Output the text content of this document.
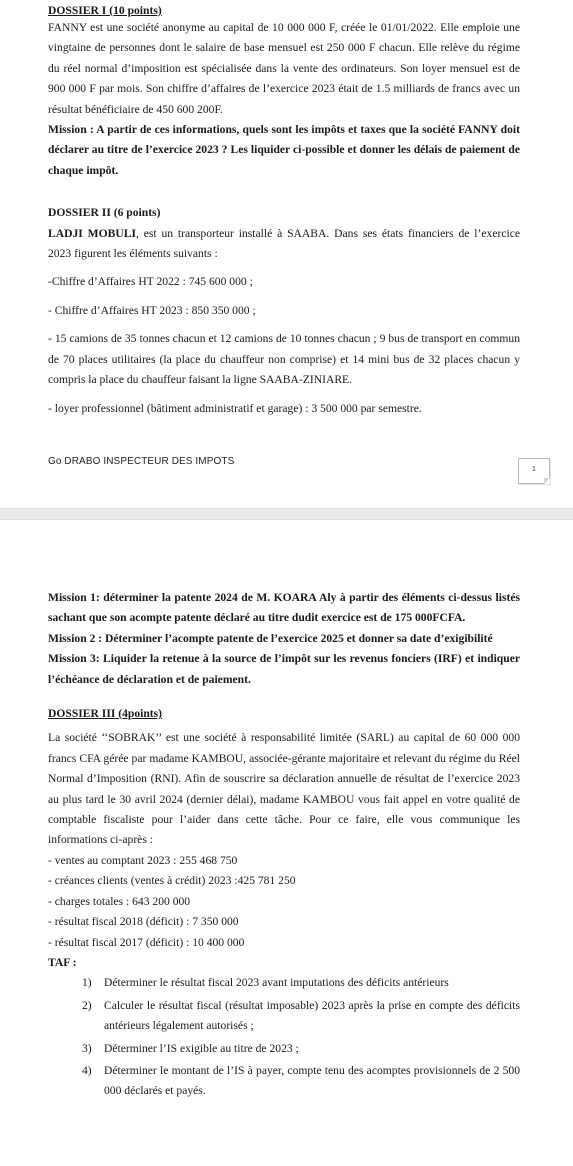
DOSSIER I (10 points)

FANNY est une société anonyme au capital de 10 000 000 F, créée le 01/01/2022. Elle emploie une vingtaine de personnes dont le salaire de base mensuel est 250 000 F chacun. Elle relève du régime du réel normal d’imposition est spécialisée dans la vente des ordinateurs. Son loyer mensuel est de 900 000 F par mois. Son chiffre d’affaires de l’exercice 2023 était de 1.5 milliards de francs avec un résultat bénéficiaire de 450 600 200F.

Mission : A partir de ces informations, quels sont les impôts et taxes que la société FANNY doit déclarer au titre de l’exercice 2023 ? Les liquider ci-possible et donner les délais de paiement de chaque impôt.

DOSSIER II (6 points)

LADJI MOBULI, est un transporteur installé à SAABA. Dans ses états financiers de l’exercice 2023 figurent les éléments suivants :

-Chiffre d’Affaires HT 2022 : 745 600 000 ;

- Chiffre d’Affaires HT 2023 : 850 350 000 ;

- 15 camions de 35 tonnes chacun et 12 camions de 10 tonnes chacun ; 9 bus de transport en commun de 70 places utilitaires (la place du chauffeur non comprise) et 14 mini bus de 32 places chacun y compris la place du chauffeur faisant la ligne SAABA-ZINIARE.

- loyer professionnel (bâtiment administratif et garage) : 3 500 000 par semestre.

Go DRABO INSPECTEUR DES IMPOTS
1

Mission 1: déterminer la patente 2024 de M. KOARA Aly à partir des éléments ci-dessus listés sachant que son acompte patente déclaré au titre dudit exercice est de 175 000FCFA.

Mission 2 : Déterminer l’acompte patente de l’exercice 2025 et donner sa date d’exigibilité

Mission 3: Liquider la retenue à la source de l’impôt sur les revenus fonciers (IRF) et indiquer l’échéance de déclaration et de paiement.

DOSSIER III (4points)

La société ‘‘SOBRAK’’ est une société à responsabilité limitée (SARL) au capital de 60 000 000 francs CFA gérée par madame KAMBOU, associée-gérante majoritaire et relevant du régime du Réel Normal d’Imposition (RNI). Afin de souscrire sa déclaration annuelle de résultat de l’exercice 2023 au plus tard le 30 avril 2024 (dernier délai), madame KAMBOU vous fait appel en votre qualité de comptable fiscaliste pour l’aider dans cette tâche. Pour ce faire, elle vous communique les informations ci-après :

- ventes au comptant 2023 : 255 468 750

- créances clients (ventes à crédit) 2023 :425 781 250

- charges totales : 643 200 000

- résultat fiscal 2018 (déficit) : 7 350 000

- résultat fiscal 2017 (déficit) : 10 400 000

TAF :

1)	Déterminer le résultat fiscal 2023 avant imputations des déficits antérieurs
2)	Calculer le résultat fiscal (résultat imposable) 2023 après la prise en compte des déficits antérieurs légalement autorisés ;
3)	Déterminer l’IS exigible au titre de 2023 ;
4)	Déterminer le montant de l’IS à payer, compte tenu des acomptes provisionnels de 2 500 000 déclarés et payés.
